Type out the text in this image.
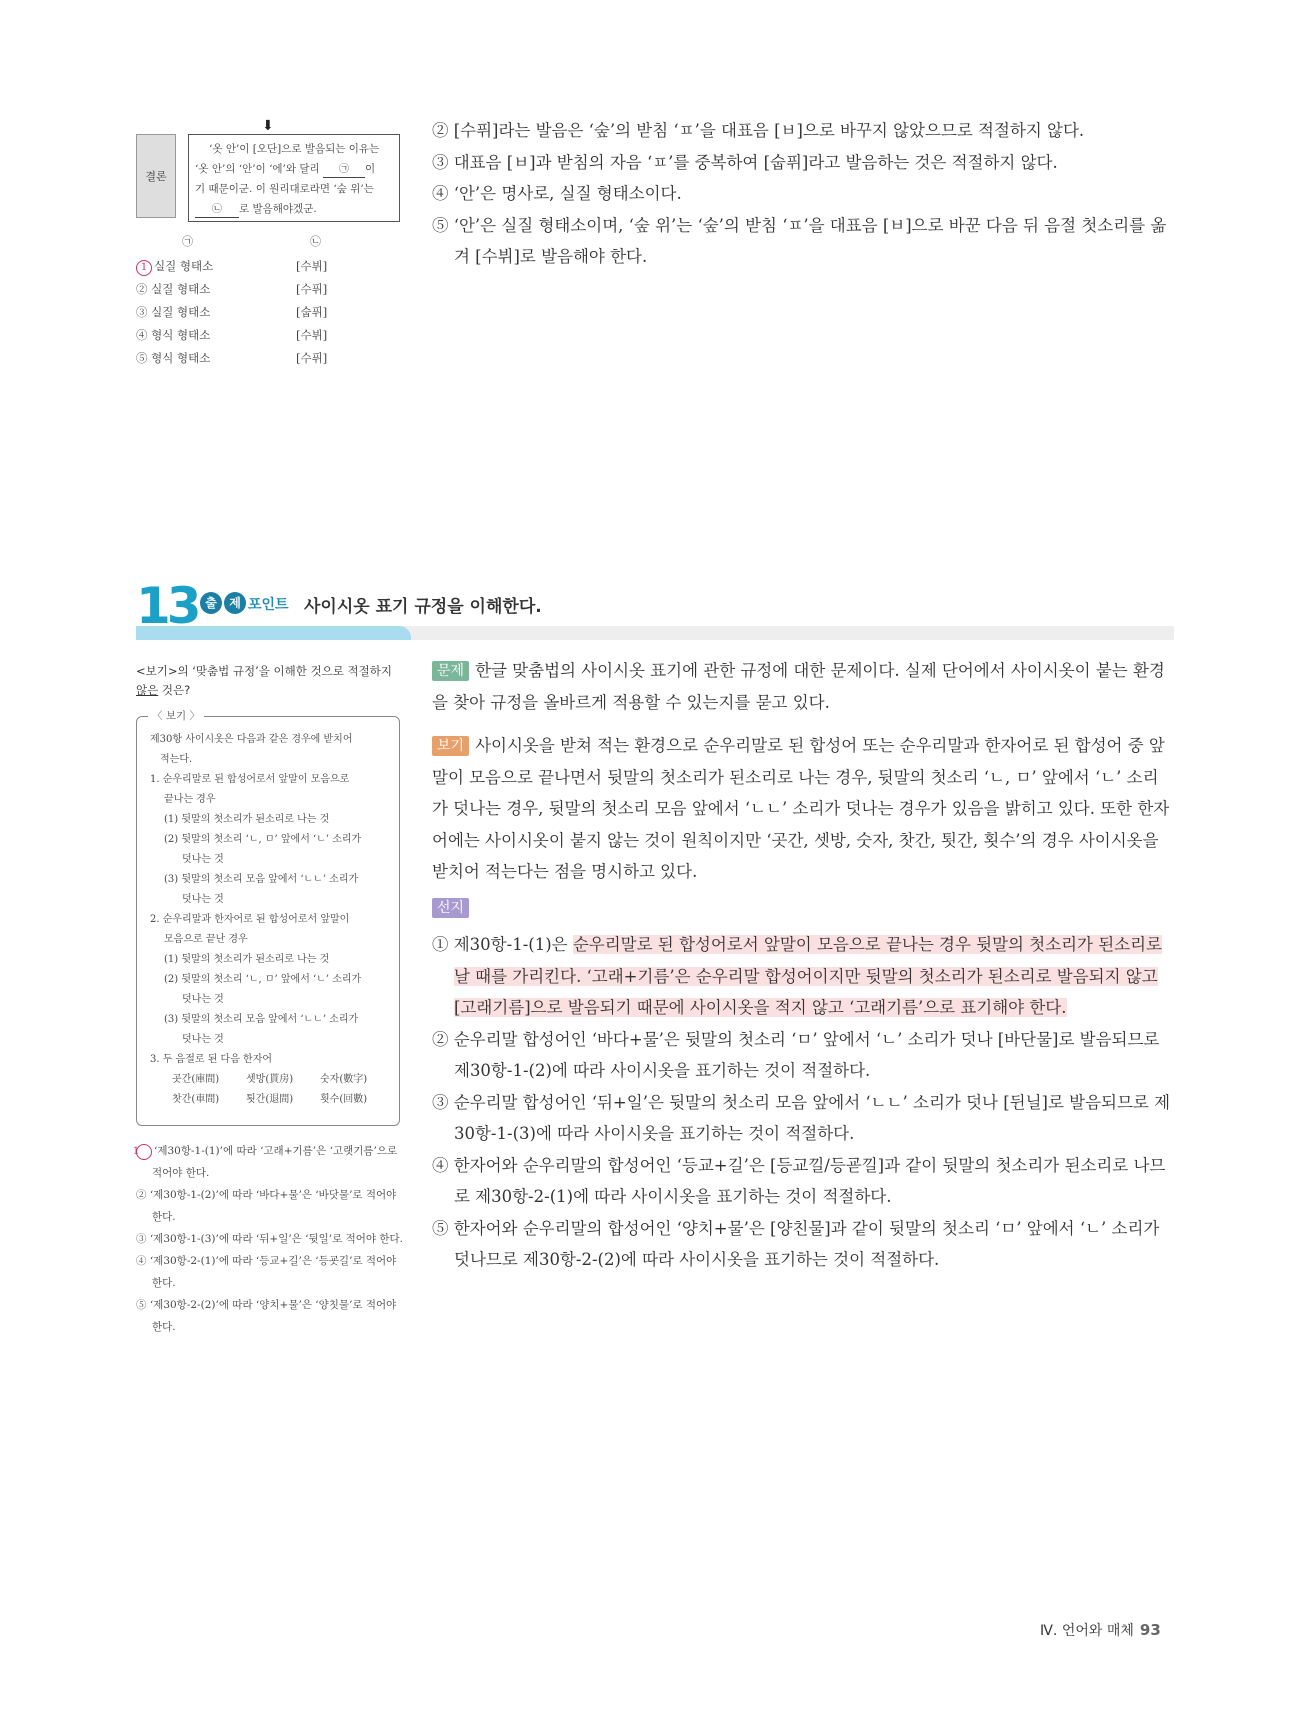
⬇
결론
‘옷 안’이 [오단]으로 발음되는 이유는
‘옷 안’의 ‘안’이 ‘에’와 달리 ㉠ 이
기 때문이군. 이 원리대로라면 ‘숲 위’는
㉡ 로 발음해야겠군.
㉠	㉡
1 실질 형태소	[수뷔]
② 실질 형태소	[수퓌]
③ 실질 형태소	[숩퓌]
④ 형식 형태소	[수뷔]
⑤ 형식 형태소	[수퓌]

② [수퓌]라는 발음은 ‘숲’의 받침 ‘ㅍ’을 대표음 [ㅂ]으로 바꾸지 않았으므로 적절하지 않다.

③ 대표음 [ㅂ]과 받침의 자음 ‘ㅍ’를 중복하여 [숩퓌]라고 발음하는 것은 적절하지 않다.

④ ‘안’은 명사로, 실질 형태소이다.

⑤ ‘안’은 실질 형태소이며, ‘숲 위’는 ‘숲’의 받침 ‘ㅍ’을 대표음 [ㅂ]으로 바꾼 다음 뒤 음절 첫소리를 옮겨 [수뷔]로 발음해야 한다.

13 출	제 포인트 사이시옷 표기 규정을 이해한다.
<보기>의 ‘맞춤법 규정’을 이해한 것으로 적절하지 않은 것은?
〈 보기 〉
제30항 사이시옷은 다음과 같은 경우에 받치어
적는다.
1. 순우리말로 된 합성어로서 앞말이 모음으로
끝나는 경우
(1) 뒷말의 첫소리가 된소리로 나는 것
(2) 뒷말의 첫소리 ‘ㄴ, ㅁ’ 앞에서 ‘ㄴ’ 소리가
덧나는 것
(3) 뒷말의 첫소리 모음 앞에서 ‘ㄴㄴ’ 소리가
덧나는 것
2. 순우리말과 한자어로 된 합성어로서 앞말이
모음으로 끝난 경우
(1) 뒷말의 첫소리가 된소리로 나는 것
(2) 뒷말의 첫소리 ‘ㄴ, ㅁ’ 앞에서 ‘ㄴ’ 소리가
덧나는 것
(3) 뒷말의 첫소리 모음 앞에서 ‘ㄴㄴ’ 소리가
덧나는 것
3. 두 음절로 된 다음 한자어
곳간(庫間)	셋방(貰房)	숫자(數字)
찻간(車間)	툇간(退間)	횟수(回數)

1 ‘제30항-1-(1)’에 따라 ‘고래+기름’은 ‘고랫기름’으로 적어야 한다.

② ‘제30항-1-(2)’에 따라 ‘바다+물’은 ‘바닷물’로 적어야 한다.

③ ‘제30항-1-(3)’에 따라 ‘뒤+일’은 ‘뒷일’로 적어야 한다.

④ ‘제30항-2-(1)’에 따라 ‘등교+길’은 ‘등굣길’로 적어야 한다.

⑤ ‘제30항-2-(2)’에 따라 ‘양치+물’은 ‘양칫물’로 적어야 한다.

문제 한글 맞춤법의 사이시옷 표기에 관한 규정에 대한 문제이다. 실제 단어에서 사이시옷이 붙는 환경을 찾아 규정을 올바르게 적용할 수 있는지를 묻고 있다.

보기 사이시옷을 받쳐 적는 환경으로 순우리말로 된 합성어 또는 순우리말과 한자어로 된 합성어 중 앞말이 모음으로 끝나면서 뒷말의 첫소리가 된소리로 나는 경우, 뒷말의 첫소리 ‘ㄴ, ㅁ’ 앞에서 ‘ㄴ’ 소리가 덧나는 경우, 뒷말의 첫소리 모음 앞에서 ‘ㄴㄴ’ 소리가 덧나는 경우가 있음을 밝히고 있다. 또한 한자어에는 사이시옷이 붙지 않는 것이 원칙이지만 ‘곳간, 셋방, 숫자, 찻간, 툇간, 횟수’의 경우 사이시옷을 받치어 적는다는 점을 명시하고 있다.

선지

① 제30항-1-(1)은 순우리말로 된 합성어로서 앞말이 모음으로 끝나는 경우 뒷말의 첫소리가 된소리로 날 때를 가리킨다. ‘고래+기름’은 순우리말 합성어이지만 뒷말의 첫소리가 된소리로 발음되지 않고 [고래기름]으로 발음되기 때문에 사이시옷을 적지 않고 ‘고래기름’으로 표기해야 한다.

② 순우리말 합성어인 ‘바다+물’은 뒷말의 첫소리 ‘ㅁ’ 앞에서 ‘ㄴ’ 소리가 덧나 [바단물]로 발음되므로 제30항-1-(2)에 따라 사이시옷을 표기하는 것이 적절하다.

③ 순우리말 합성어인 ‘뒤+일’은 뒷말의 첫소리 모음 앞에서 ‘ㄴㄴ’ 소리가 덧나 [뒨닐]로 발음되므로 제30항-1-(3)에 따라 사이시옷을 표기하는 것이 적절하다.

④ 한자어와 순우리말의 합성어인 ‘등교+길’은 [등교낄/등굗낄]과 같이 뒷말의 첫소리가 된소리로 나므로 제30항-2-(1)에 따라 사이시옷을 표기하는 것이 적절하다.

⑤ 한자어와 순우리말의 합성어인 ‘양치+물’은 [양친물]과 같이 뒷말의 첫소리 ‘ㅁ’ 앞에서 ‘ㄴ’ 소리가 덧나므로 제30항-2-(2)에 따라 사이시옷을 표기하는 것이 적절하다.

Ⅳ. 언어와 매체 93
